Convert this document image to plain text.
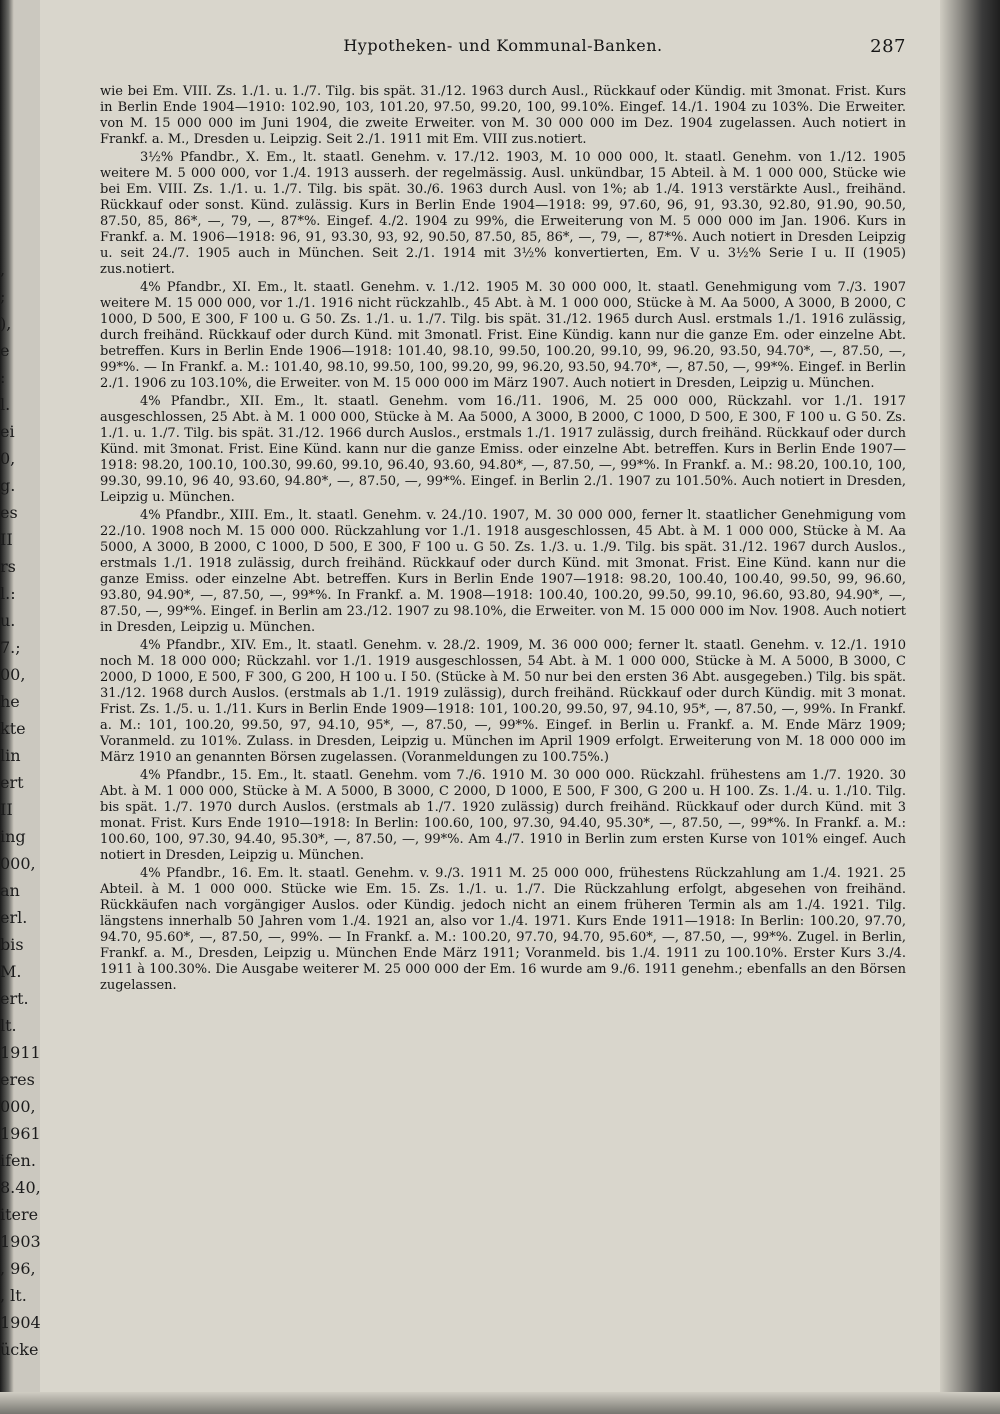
,
;
),
e
:
l.
ei
0,
g.
es
II
rs
l.:
u.
7.;
00,
he
kte
lin
ert
II
ing
000,
an
erl.
bis
M.
ert.
lt.
1911
eres
000,
1961
ifen.
8.40,
itere
1903
, 96,
, lt.
1904
ücke
Hypotheken- und Kommunal-Banken.	287

wie bei Em. VIII. Zs. 1./1. u. 1./7. Tilg. bis spät. 31./12. 1963 durch Ausl., Rückkauf oder Kündig. mit 3monat. Frist. Kurs in Berlin Ende 1904—1910: 102.90, 103, 101.20, 97.50, 99.20, 100, 99.10%. Eingef. 14./1. 1904 zu 103%. Die Erweiter. von M. 15 000 000 im Juni 1904, die zweite Erweiter. von M. 30 000 000 im Dez. 1904 zugelassen. Auch notiert in Frankf. a. M., Dresden u. Leipzig. Seit 2./1. 1911 mit Em. VIII zus.notiert.

3½% Pfandbr., X. Em., lt. staatl. Genehm. v. 17./12. 1903, M. 10 000 000, lt. staatl. Genehm. von 1./12. 1905 weitere M. 5 000 000, vor 1./4. 1913 ausserh. der regelmässig. Ausl. unkündbar, 15 Abteil. à M. 1 000 000, Stücke wie bei Em. VIII. Zs. 1./1. u. 1./7. Tilg. bis spät. 30./6. 1963 durch Ausl. von 1%; ab 1./4. 1913 verstärkte Ausl., freihänd. Rückkauf oder sonst. Künd. zulässig. Kurs in Berlin Ende 1904—1918: 99, 97.60, 96, 91, 93.30, 92.80, 91.90, 90.50, 87.50, 85, 86*, —, 79, —, 87*%. Eingef. 4./2. 1904 zu 99%, die Erweiterung von M. 5 000 000 im Jan. 1906. Kurs in Frankf. a. M. 1906—1918: 96, 91, 93.30, 93, 92, 90.50, 87.50, 85, 86*, —, 79, —, 87*%. Auch notiert in Dresden Leipzig u. seit 24./7. 1905 auch in München. Seit 2./1. 1914 mit 3½% konvertierten, Em. V u. 3½% Serie I u. II (1905) zus.notiert.

4% Pfandbr., XI. Em., lt. staatl. Genehm. v. 1./12. 1905 M. 30 000 000, lt. staatl. Genehmigung vom 7./3. 1907 weitere M. 15 000 000, vor 1./1. 1916 nicht rückzahlb., 45 Abt. à M. 1 000 000, Stücke à M. Aa 5000, A 3000, B 2000, C 1000, D 500, E 300, F 100 u. G 50. Zs. 1./1. u. 1./7. Tilg. bis spät. 31./12. 1965 durch Ausl. erstmals 1./1. 1916 zulässig, durch freihänd. Rückkauf oder durch Künd. mit 3monatl. Frist. Eine Kündig. kann nur die ganze Em. oder einzelne Abt. betreffen. Kurs in Berlin Ende 1906—1918: 101.40, 98.10, 99.50, 100.20, 99.10, 99, 96.20, 93.50, 94.70*, —, 87.50, —, 99*%. — In Frankf. a. M.: 101.40, 98.10, 99.50, 100, 99.20, 99, 96.20, 93.50, 94.70*, —, 87.50, —, 99*%. Eingef. in Berlin 2./1. 1906 zu 103.10%, die Erweiter. von M. 15 000 000 im März 1907. Auch notiert in Dresden, Leipzig u. München.

4% Pfandbr., XII. Em., lt. staatl. Genehm. vom 16./11. 1906, M. 25 000 000, Rückzahl. vor 1./1. 1917 ausgeschlossen, 25 Abt. à M. 1 000 000, Stücke à M. Aa 5000, A 3000, B 2000, C 1000, D 500, E 300, F 100 u. G 50. Zs. 1./1. u. 1./7. Tilg. bis spät. 31./12. 1966 durch Auslos., erstmals 1./1. 1917 zulässig, durch freihänd. Rückkauf oder durch Künd. mit 3monat. Frist. Eine Künd. kann nur die ganze Emiss. oder einzelne Abt. betreffen. Kurs in Berlin Ende 1907—1918: 98.20, 100.10, 100.30, 99.60, 99.10, 96.40, 93.60, 94.80*, —, 87.50, —, 99*%. In Frankf. a. M.: 98.20, 100.10, 100, 99.30, 99.10, 96 40, 93.60, 94.80*, —, 87.50, —, 99*%. Eingef. in Berlin 2./1. 1907 zu 101.50%. Auch notiert in Dresden, Leipzig u. München.

4% Pfandbr., XIII. Em., lt. staatl. Genehm. v. 24./10. 1907, M. 30 000 000, ferner lt. staatlicher Genehmigung vom 22./10. 1908 noch M. 15 000 000. Rückzahlung vor 1./1. 1918 ausgeschlossen, 45 Abt. à M. 1 000 000, Stücke à M. Aa 5000, A 3000, B 2000, C 1000, D 500, E 300, F 100 u. G 50. Zs. 1./3. u. 1./9. Tilg. bis spät. 31./12. 1967 durch Auslos., erstmals 1./1. 1918 zulässig, durch freihänd. Rückkauf oder durch Künd. mit 3monat. Frist. Eine Künd. kann nur die ganze Emiss. oder einzelne Abt. betreffen. Kurs in Berlin Ende 1907—1918: 98.20, 100.40, 100.40, 99.50, 99, 96.60, 93.80, 94.90*, —, 87.50, —, 99*%. In Frankf. a. M. 1908—1918: 100.40, 100.20, 99.50, 99.10, 96.60, 93.80, 94.90*, —, 87.50, —, 99*%. Eingef. in Berlin am 23./12. 1907 zu 98.10%, die Erweiter. von M. 15 000 000 im Nov. 1908. Auch notiert in Dresden, Leipzig u. München.

4% Pfandbr., XIV. Em., lt. staatl. Genehm. v. 28./2. 1909, M. 36 000 000; ferner lt. staatl. Genehm. v. 12./1. 1910 noch M. 18 000 000; Rückzahl. vor 1./1. 1919 ausgeschlossen, 54 Abt. à M. 1 000 000, Stücke à M. A 5000, B 3000, C 2000, D 1000, E 500, F 300, G 200, H 100 u. I 50. (Stücke à M. 50 nur bei den ersten 36 Abt. ausgegeben.) Tilg. bis spät. 31./12. 1968 durch Auslos. (erstmals ab 1./1. 1919 zulässig), durch freihänd. Rückkauf oder durch Kündig. mit 3 monat. Frist. Zs. 1./5. u. 1./11. Kurs in Berlin Ende 1909—1918: 101, 100.20, 99.50, 97, 94.10, 95*, —, 87.50, —, 99%. In Frankf. a. M.: 101, 100.20, 99.50, 97, 94.10, 95*, —, 87.50, —, 99*%. Eingef. in Berlin u. Frankf. a. M. Ende März 1909; Voranmeld. zu 101%. Zulass. in Dresden, Leipzig u. München im April 1909 erfolgt. Erweiterung von M. 18 000 000 im März 1910 an genannten Börsen zugelassen. (Voranmeldungen zu 100.75%.)

4% Pfandbr., 15. Em., lt. staatl. Genehm. vom 7./6. 1910 M. 30 000 000. Rückzahl. frühestens am 1./7. 1920. 30 Abt. à M. 1 000 000, Stücke à M. A 5000, B 3000, C 2000, D 1000, E 500, F 300, G 200 u. H 100. Zs. 1./4. u. 1./10. Tilg. bis spät. 1./7. 1970 durch Auslos. (erstmals ab 1./7. 1920 zulässig) durch freihänd. Rückkauf oder durch Künd. mit 3 monat. Frist. Kurs Ende 1910—1918: In Berlin: 100.60, 100, 97.30, 94.40, 95.30*, —, 87.50, —, 99*%. In Frankf. a. M.: 100.60, 100, 97.30, 94.40, 95.30*, —, 87.50, —, 99*%. Am 4./7. 1910 in Berlin zum ersten Kurse von 101% eingef. Auch notiert in Dresden, Leipzig u. München.

4% Pfandbr., 16. Em. lt. staatl. Genehm. v. 9./3. 1911 M. 25 000 000, frühestens Rückzahlung am 1./4. 1921. 25 Abteil. à M. 1 000 000. Stücke wie Em. 15. Zs. 1./1. u. 1./7. Die Rückzahlung erfolgt, abgesehen von freihänd. Rückkäufen nach vorgängiger Auslos. oder Kündig. jedoch nicht an einem früheren Termin als am 1./4. 1921. Tilg. längstens innerhalb 50 Jahren vom 1./4. 1921 an, also vor 1./4. 1971. Kurs Ende 1911—1918: In Berlin: 100.20, 97.70, 94.70, 95.60*, —, 87.50, —, 99%. — In Frankf. a. M.: 100.20, 97.70, 94.70, 95.60*, —, 87.50, —, 99*%. Zugel. in Berlin, Frankf. a. M., Dresden, Leipzig u. München Ende März 1911; Voranmeld. bis 1./4. 1911 zu 100.10%. Erster Kurs 3./4. 1911 à 100.30%. Die Ausgabe weiterer M. 25 000 000 der Em. 16 wurde am 9./6. 1911 genehm.; ebenfalls an den Börsen zugelassen.
